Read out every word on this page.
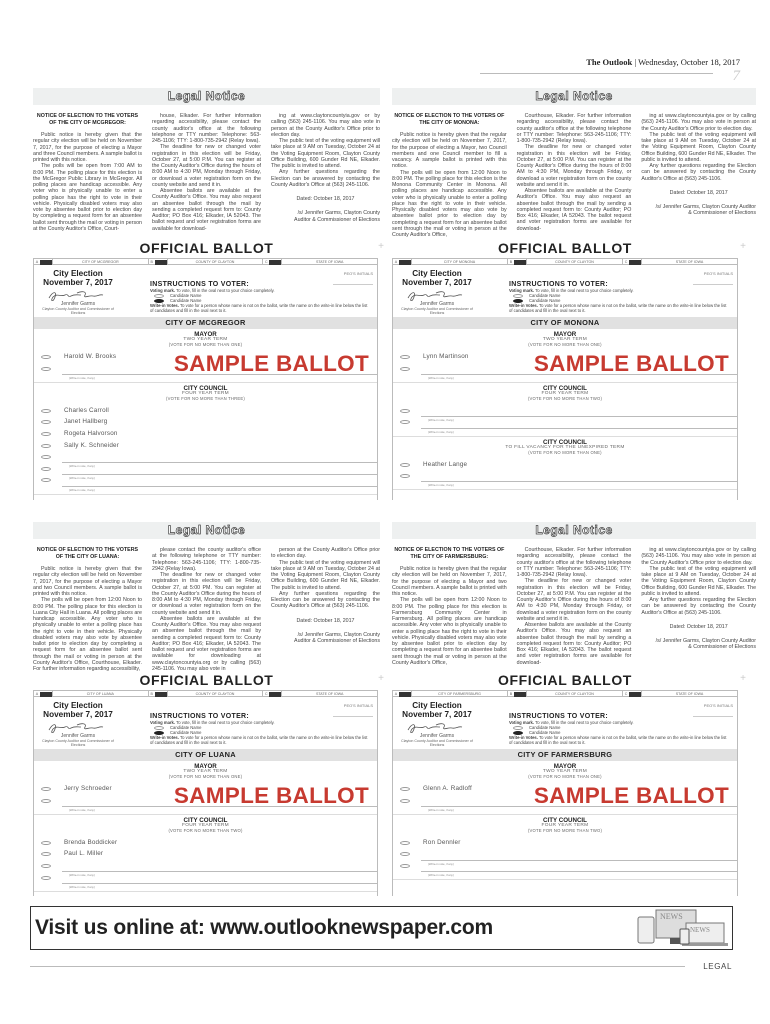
The Outlook | Wednesday, October 18, 2017
7
Legal Notice

NOTICE OF ELECTION TO THE VOTERS OF THE CITY OF MCGREGOR:

Public notice is hereby given that the regular city election will be held on November 7, 2017, for the purpose of electing a Mayor and three Council members. A sample ballot is printed with this notice.

The polls will be open from 7:00 AM to 8:00 PM. The polling place for this election is the McGregor Public Library in McGregor. All polling places are handicap accessible. Any voter who is physically unable to enter a polling place has the right to vote in their vehicle. Physically disabled voters may also vote by absentee ballot prior to election day by completing a request form for an absentee ballot sent through the mail or voting in person at the County Auditor's Office, Court-

house, Elkader. For further information regarding accessibility, please contact the county auditor's office at the following telephone or TTY number: Telephone: 563-245-1106; TTY: 1-800-735-2942 (Relay Iowa).

The deadline for new or changed voter registration in this election will be Friday, October 27, at 5:00 P.M. You can register at the County Auditor's Office during the hours of 8:00 AM to 4:30 PM, Monday through Friday, or download a voter registration form on the county website and send it in.

Absentee ballots are available at the County Auditor's Office. You may also request an absentee ballot through the mail by sending a completed request form to: County Auditor; PO Box 416; Elkader, IA 52043. The ballot request and voter registration forms are available for download-

ing at www.claytoncountyia.gov or by calling (563) 245-1106. You may also vote in person at the County Auditor's Office prior to election day.

The public test of the voting equipment will take place at 9 AM on Tuesday, October 24 at the Voting Equipment Room, Clayton County Office Building, 600 Gunder Rd NE, Elkader. The public is invited to attend.

Any further questions regarding the Election can be answered by contacting the County Auditor's Office at (563) 245-1106.

Dated: October 18, 2017

/s/ Jennifer Garms, Clayton County Auditor & Commissioner of Elections

OFFICIAL BALLOT	+
A	CITY OF MCGREGOR	B	COUNTY OF CLAYTON	C	STATE OF IOWA
City Election
November 7, 2017
Jennifer Garms
Clayton County Auditor and Commissioner of Elections
PEO'S INITIALS
INSTRUCTIONS TO VOTER:
Voting mark. To vote, fill in the oval next to your choice completely.
Candidate Name
Candidate Name
Write-in Votes. To vote for a person whose name is not on the ballot, write the name on the write-in line below the list of candidates and fill in the oval next to it.
CITY OF MCGREGOR
MAYOR
TWO YEAR TERM
(VOTE FOR NO MORE THAN ONE)
Harold W. Brooks
(Write-in vote, if any)
SAMPLE BALLOT
CITY COUNCIL
FOUR YEAR TERM
(VOTE FOR NO MORE THAN THREE)
Charles Carroll
Janet Hallberg
Rogeta Halvorson
Sally K. Schneider
(Write-in vote, if any)
(Write-in vote, if any)
(Write-in vote, if any)
Legal Notice

NOTICE OF ELECTION TO THE VOTERS OF THE CITY OF MONONA:

Public notice is hereby given that the regular city election will be held on November 7, 2017, for the purpose of electing a Mayor, two Council members and one Council member to fill a vacancy. A sample ballot is printed with this notice.

The polls will be open from 12:00 Noon to 8:00 PM. The polling place for this election is the Monona Community Center in Monona. All polling places are handicap accessible. Any voter who is physically unable to enter a polling place has the right to vote in their vehicle. Physically disabled voters may also vote by absentee ballot prior to election day by completing a request form for an absentee ballot sent through the mail or voting in person at the County Auditor's Office,

Courthouse, Elkader. For further information regarding accessibility, please contact the county auditor's office at the following telephone or TTY number: Telephone: 563-245-1106; TTY: 1-800-735-2942 (Relay Iowa).

The deadline for new or changed voter registration in this election will be Friday, October 27, at 5:00 P.M. You can register at the County Auditor's Office during the hours of 8:00 AM to 4:30 PM, Monday through Friday, or download a voter registration form on the county website and send it in.

Absentee ballots are available at the County Auditor's Office. You may also request an absentee ballot through the mail by sending a completed request form to: County Auditor; PO Box 416; Elkader, IA 52043. The ballot request and voter registration forms are available for download-

ing at www.claytoncountyia.gov or by calling (563) 245-1106. You may also vote in person at the County Auditor's Office prior to election day.

The public test of the voting equipment will take place at 9 AM on Tuesday, October 24 at the Voting Equipment Room, Clayton County Office Building, 600 Gunder Rd NE, Elkader. The public is invited to attend.

Any further questions regarding the Election can be answered by contacting the County Auditor's Office at (563) 245-1106.

Dated: October 18, 2017

/s/ Jennifer Garms, Clayton County Auditor & Commissioner of Elections

OFFICIAL BALLOT	+
A	CITY OF MONONA	B	COUNTY OF CLAYTON	C	STATE OF IOWA
City Election
November 7, 2017
Jennifer Garms
Clayton County Auditor and Commissioner of Elections
PEO'S INITIALS
INSTRUCTIONS TO VOTER:
Voting mark. To vote, fill in the oval next to your choice completely.
Candidate Name
Candidate Name
Write-in Votes. To vote for a person whose name is not on the ballot, write the name on the write-in line below the list of candidates and fill in the oval next to it.
CITY OF MONONA
MAYOR
TWO YEAR TERM
(VOTE FOR NO MORE THAN ONE)
Lynn Martinson
(Write-in vote, if any)
SAMPLE BALLOT
CITY COUNCIL
FOUR YEAR TERM
(VOTE FOR NO MORE THAN TWO)
(Write-in vote, if any)
(Write-in vote, if any)
CITY COUNCIL
TO FILL VACANCY FOR THE UNEXPIRED TERM
(VOTE FOR NO MORE THAN ONE)
Heather Lange
(Write-in vote, if any)
Legal Notice

NOTICE OF ELECTION TO THE VOTERS OF THE CITY OF LUANA:

Public notice is hereby given that the regular city election will be held on November 7, 2017, for the purpose of electing a Mayor and two Council members. A sample ballot is printed with this notice.

The polls will be open from 12:00 Noon to 8:00 PM. The polling place for this election is Luana City Hall in Luana. All polling places are handicap accessible. Any voter who is physically unable to enter a polling place has the right to vote in their vehicle. Physically disabled voters may also vote by absentee ballot prior to election day by completing a request form for an absentee ballot sent through the mail or voting in person at the County Auditor's Office, Courthouse, Elkader. For further information regarding accessibility,

please contact the county auditor's office at the following telephone or TTY number: Telephone: 563-245-1106; TTY: 1-800-735-2942 (Relay Iowa).

The deadline for new or changed voter registration in this election will be Friday, October 27, at 5:00 PM. You can register at the County Auditor's Office during the hours of 8:00 AM to 4:30 PM, Monday through Friday, or download a voter registration form on the county website and send it in.

Absentee ballots are available at the County Auditor's Office. You may also request an absentee ballot through the mail by sending a completed request form to: County Auditor; PO Box 416; Elkader, IA 52043. The ballot request and voter registration forms are available for downloading at www.claytoncountyia.org or by calling (563) 245-1106. You may also vote in

person at the County Auditor's Office prior to election day.

The public test of the voting equipment will take place at 9 AM on Tuesday, October 24 at the Voting Equipment Room, Clayton County Office Building, 600 Gunder Rd NE, Elkader. The public is invited to attend.

Any further questions regarding the Election can be answered by contacting the County Auditor's Office at (563) 245-1106.

Dated: October 18, 2017

/s/ Jennifer Garms, Clayton County Auditor & Commissioner of Elections

OFFICIAL BALLOT	+
A	CITY OF LUANA	B	COUNTY OF CLAYTON	C	STATE OF IOWA
City Election
November 7, 2017
Jennifer Garms
Clayton County Auditor and Commissioner of Elections
PEO'S INITIALS
INSTRUCTIONS TO VOTER:
Voting mark. To vote, fill in the oval next to your choice completely.
Candidate Name
Candidate Name
Write-in Votes. To vote for a person whose name is not on the ballot, write the name on the write-in line below the list of candidates and fill in the oval next to it.
CITY OF LUANA
MAYOR
TWO YEAR TERM
(VOTE FOR NO MORE THAN ONE)
Jerry Schroeder
(Write-in vote, if any)
SAMPLE BALLOT
CITY COUNCIL
FOUR YEAR TERM
(VOTE FOR NO MORE THAN TWO)
Brenda Boddicker
Paul L. Miller
(Write-in vote, if any)
(Write-in vote, if any)
Legal Notice

NOTICE OF ELECTION TO THE VOTERS OF THE CITY OF FARMERSBURG:

Public notice is hereby given that the regular city election will be held on November 7, 2017, for the purpose of electing a Mayor and two Council members. A sample ballot is printed with this notice.

The polls will be open from 12:00 Noon to 8:00 PM. The polling place for this election is Farmersburg Community Center in Farmersburg. All polling places are handicap accessible. Any voter who is physically unable to enter a polling place has the right to vote in their vehicle. Physically disabled voters may also vote by absentee ballot prior to election day by completing a request form for an absentee ballot sent through the mail or voting in person at the County Auditor's Office,

Courthouse, Elkader. For further information regarding accessibility, please contact the county auditor's office at the following telephone or TTY number: Telephone: 563-245-1106; TTY: 1-800-735-2942 (Relay Iowa).

The deadline for new or changed voter registration in this election will be Friday, October 27, at 5:00 P.M. You can register at the County Auditor's Office during the hours of 8:00 AM to 4:30 PM, Monday through Friday, or download a voter registration form on the county website and send it in.

Absentee ballots are available at the County Auditor's Office. You may also request an absentee ballot through the mail by sending a completed request form to: County Auditor; PO Box 416; Elkader, IA 52043. The ballot request and voter registration forms are available for download-

ing at www.claytoncountyia.gov or by calling (563) 245-1106. You may also vote in person at the County Auditor's Office prior to election day.

The public test of the voting equipment will take place at 9 AM on Tuesday, October 24 at the Voting Equipment Room, Clayton County Office Building, 600 Gunder Rd NE, Elkader. The public is invited to attend.

Any further questions regarding the Election can be answered by contacting the County Auditor's Office at (563) 245-1106.

Dated: October 18, 2017

/s/ Jennifer Garms, Clayton County Auditor & Commissioner of Elections

OFFICIAL BALLOT	+
A	CITY OF FARMERSBURG	B	COUNTY OF CLAYTON	C	STATE OF IOWA
City Election
November 7, 2017
Jennifer Garms
Clayton County Auditor and Commissioner of Elections
PEO'S INITIALS
INSTRUCTIONS TO VOTER:
Voting mark. To vote, fill in the oval next to your choice completely.
Candidate Name
Candidate Name
Write-in Votes. To vote for a person whose name is not on the ballot, write the name on the write-in line below the list of candidates and fill in the oval next to it.
CITY OF FARMERSBURG
MAYOR
TWO YEAR TERM
(VOTE FOR NO MORE THAN ONE)
Glenn A. Radloff
(Write-in vote, if any)
SAMPLE BALLOT
CITY COUNCIL
FOUR YEAR TERM
(VOTE FOR NO MORE THAN TWO)
Ron Dennler
(Write-in vote, if any)
(Write-in vote, if any)
Visit us online at: www.outlooknewspaper.com	NEWS
NEWS
LEGAL
